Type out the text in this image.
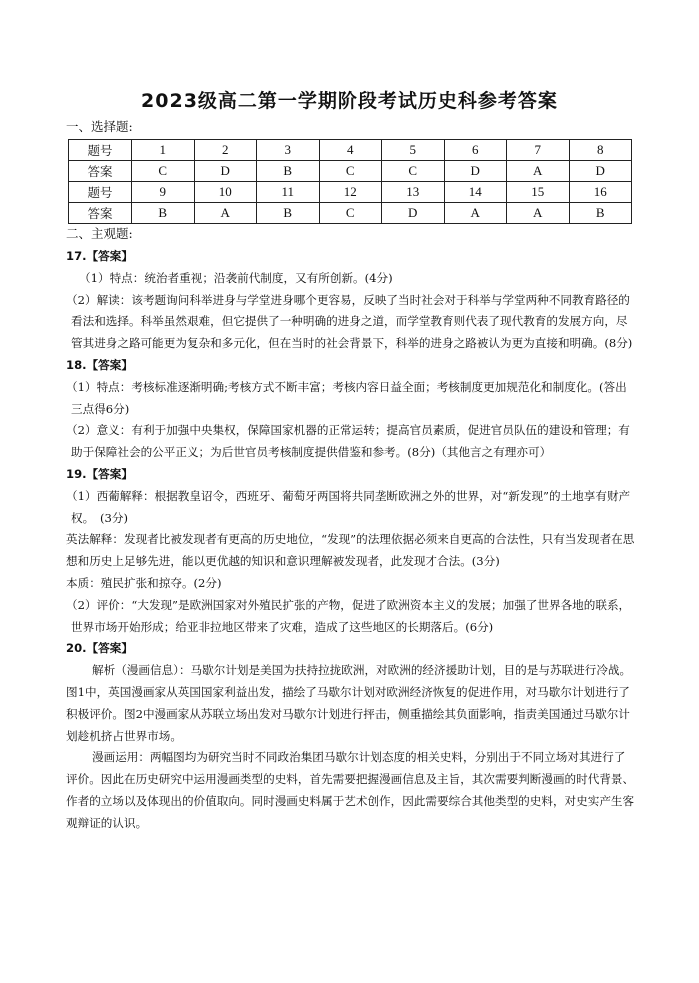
2023级高二第一学期阶段考试历史科参考答案
一、选择题:
题号	1	2	3	4	5	6	7	8
答案	C	D	B	C	C	D	A	D
题号	9	10	11	12	13	14	15	16
答案	B	A	B	C	D	A	A	B
二、主观题:

17.【答案】

（1）特点：统治者重视；沿袭前代制度，又有所创新。(4分)

（2）解读：该考题询问科举进身与学堂进身哪个更容易，反映了当时社会对于科举与学堂两种不同教育路径的看法和选择。科举虽然艰难，但它提供了一种明确的进身之道，而学堂教育则代表了现代教育的发展方向，尽管其进身之路可能更为复杂和多元化，但在当时的社会背景下，科举的进身之路被认为更为直接和明确。(8分)

18.【答案】

（1）特点：考核标准逐渐明确;考核方式不断丰富；考核内容日益全面；考核制度更加规范化和制度化。(答出三点得6分)

（2）意义：有利于加强中央集权，保障国家机器的正常运转；提高官员素质，促进官员队伍的建设和管理；有助于保障社会的公平正义；为后世官员考核制度提供借鉴和参考。(8分)（其他言之有理亦可）

19.【答案】

（1）西葡解释：根据教皇诏令，西班牙、葡萄牙两国将共同垄断欧洲之外的世界，对“新发现”的土地享有财产权。　(3分)

英法解释：发现者比被发现者有更高的历史地位，“发现”的法理依据必须来自更高的合法性，只有当发现者在思想和历史上足够先进，能以更优越的知识和意识理解被发现者，此发现才合法。(3分)

本质：殖民扩张和掠夺。(2分)

（2）评价：“大发现”是欧洲国家对外殖民扩张的产物，促进了欧洲资本主义的发展；加强了世界各地的联系，世界市场开始形成；给亚非拉地区带来了灾难，造成了这些地区的长期落后。(6分)

20.【答案】

解析（漫画信息）：马歇尔计划是美国为扶持拉拢欧洲，对欧洲的经济援助计划，目的是与苏联进行冷战。图1中，英国漫画家从英国国家利益出发，描绘了马歇尔计划对欧洲经济恢复的促进作用，对马歇尔计划进行了积极评价。图2中漫画家从苏联立场出发对马歇尔计划进行抨击，侧重描绘其负面影响，指责美国通过马歇尔计划趁机挤占世界市场。

漫画运用：两幅图均为研究当时不同政治集团马歇尔计划态度的相关史料，分别出于不同立场对其进行了评价。因此在历史研究中运用漫画类型的史料，首先需要把握漫画信息及主旨，其次需要判断漫画的时代背景、作者的立场以及体现出的价值取向。同时漫画史料属于艺术创作，因此需要综合其他类型的史料，对史实产生客观辩证的认识。
